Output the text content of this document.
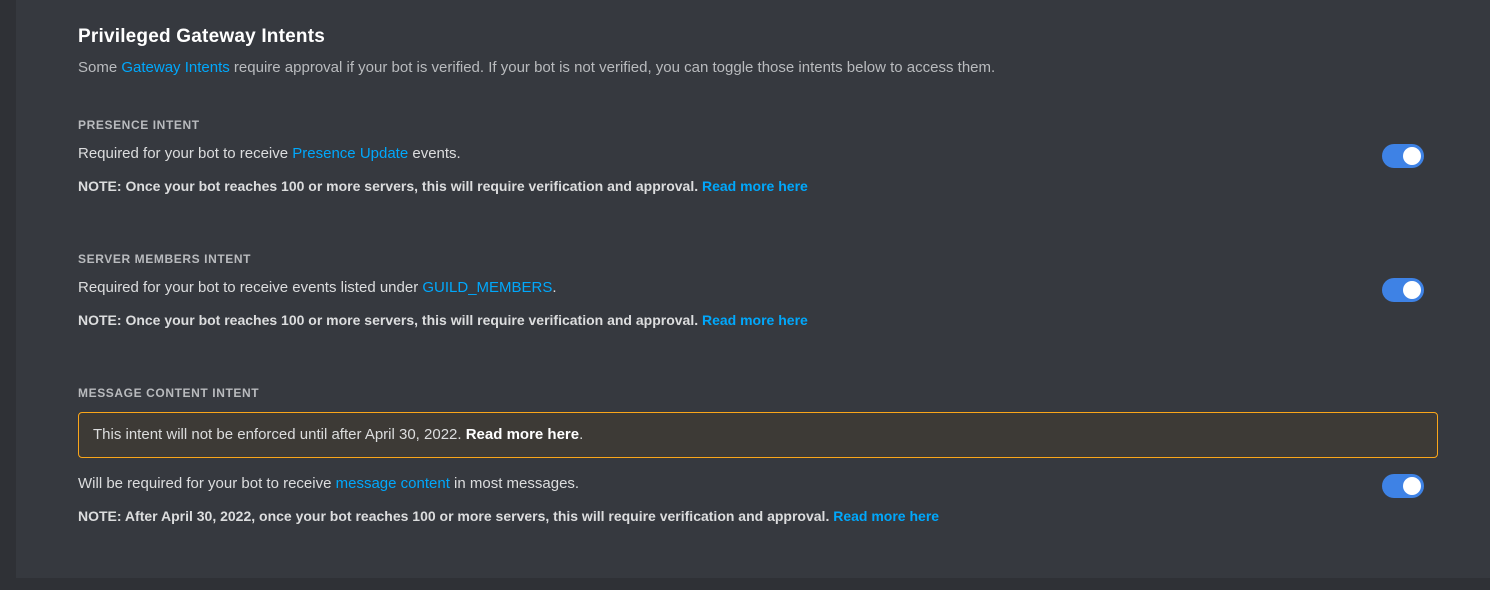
Privileged Gateway Intents
Some Gateway Intents require approval if your bot is verified. If your bot is not verified, you can toggle those intents below to access them.
PRESENCE INTENT
Required for your bot to receive Presence Update events.
NOTE: Once your bot reaches 100 or more servers, this will require verification and approval. Read more here
SERVER MEMBERS INTENT
Required for your bot to receive events listed under GUILD_MEMBERS.
NOTE: Once your bot reaches 100 or more servers, this will require verification and approval. Read more here
MESSAGE CONTENT INTENT
This intent will not be enforced until after April 30, 2022. Read more here.
Will be required for your bot to receive message content in most messages.
NOTE: After April 30, 2022, once your bot reaches 100 or more servers, this will require verification and approval. Read more here
